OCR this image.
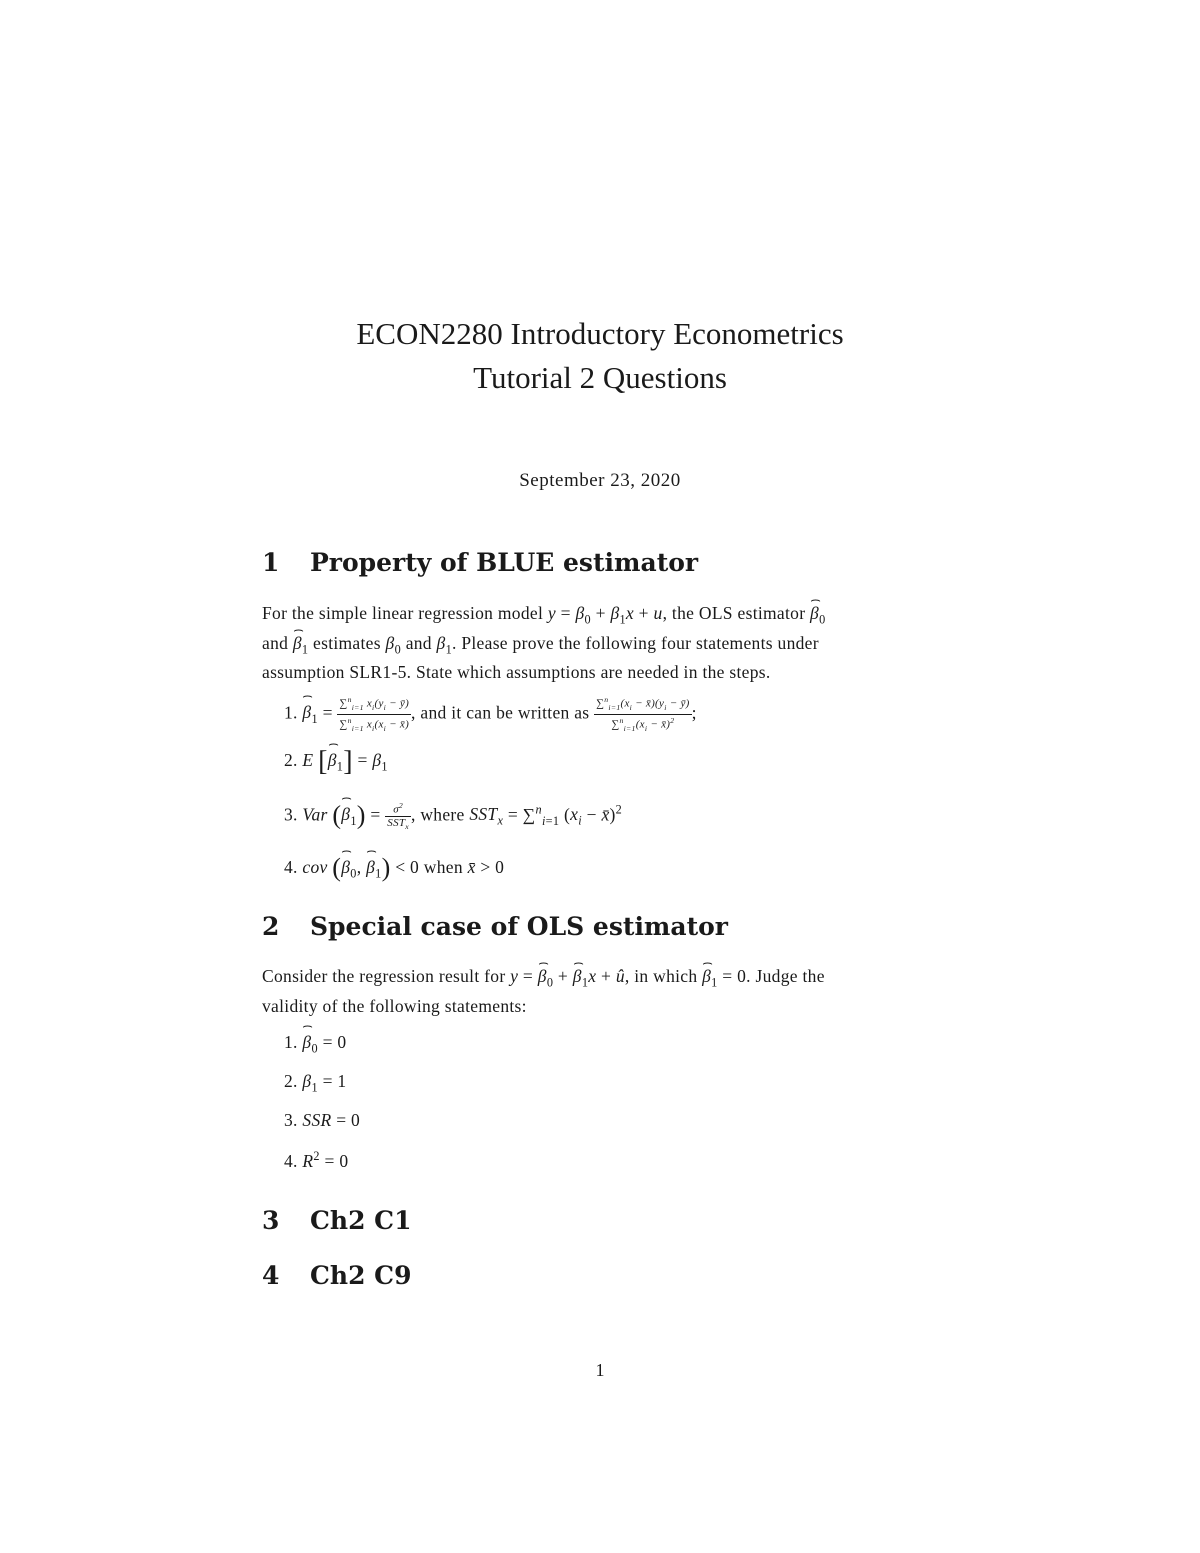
ECON2280 Introductory Econometrics
Tutorial 2 Questions
September 23, 2020
1 Property of BLUE estimator
For the simple linear regression model $y = \beta_0 + \beta_1x + u$, the OLS estimator ⌢ $\beta_0$
and ⌢ $\beta_1$ estimates $\beta_0$ and $\beta_1$. Please prove the following four statements under
assumption SLR1-5. State which assumptions are needed in the steps.
1. ⌢ $\beta_1 = \frac{\sum^n_{i=1} x_i(y_i - ȳ)}{\sum^n_{i=1} x_i(x_i - x̄)}$ , and it can be written as $\frac{\sum^n_{i=1}(x_i - x̄)(y_i - ȳ)}{\sum^n_{i=1}(x_i - x̄)^2}$ ;
2. E [⌢ $\beta_1] = \beta_1$
3. Var (⌢ $\beta_1) = \frac{\sigma^2}{SST_x}$ , where $SST_x = \sum^n_{i=1}$ ($x_i$ − x̄)$^2$
4. cov (⌢ $\beta_0$, ⌢ $\beta_1) < 0$ when x̄ > 0
2 Special case of OLS estimator
Consider the regression result for y = ⌢ $\beta_0$ + ⌢ $\beta_1x$ + û, in which ⌢ $\beta_1 = 0$. Judge the
validity of the following statements:
1. ⌢ $\beta_0 = 0$
2. $\beta_1 = 1$
3. SSR = 0
4. $R^2 = 0$
3 Ch2 C1
4 Ch2 C9
1
